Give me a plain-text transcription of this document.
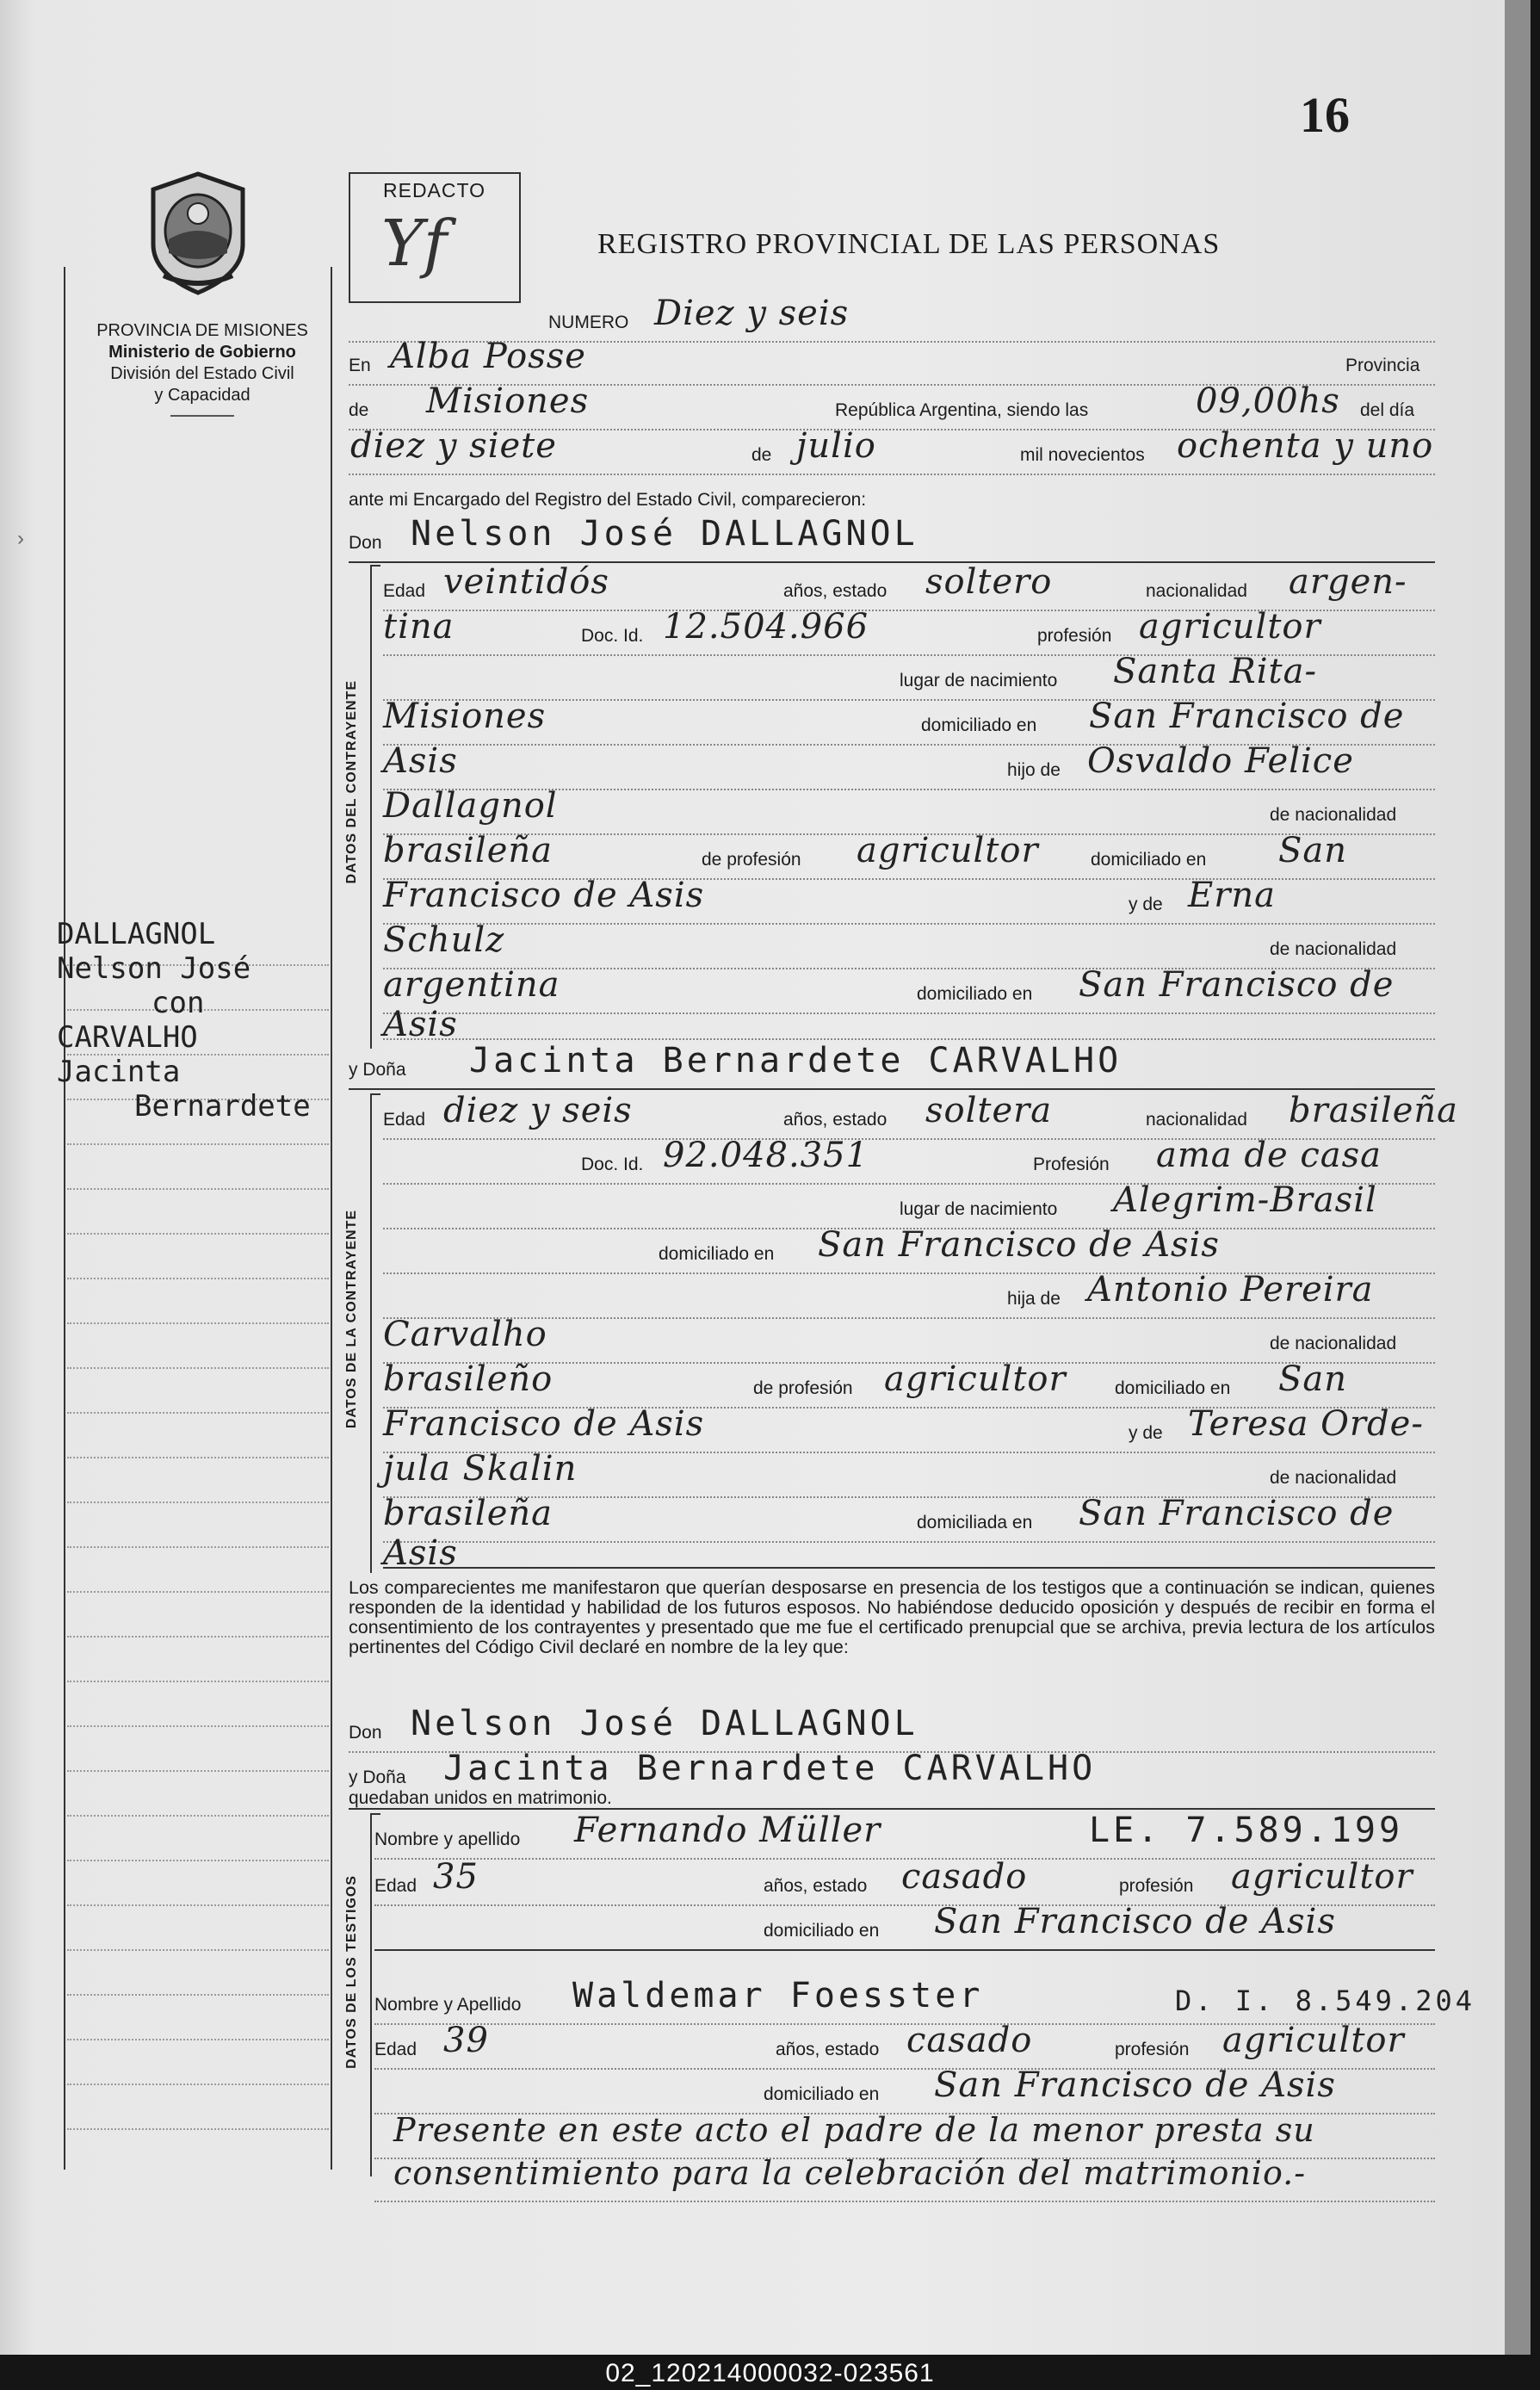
16
REDACTO
Yf	REGISTRO PROVINCIAL DE LAS PERSONAS
PROVINCIA DE MISIONES
Ministerio de Gobierno
División del Estado Civil
y Capacidad
›
DALLAGNOL
Nelson José
con
CARVALHO
Jacinta
Bernardete
NUMERO Diez y seis
En Alba Posse	Provincia
de Misiones	República Argentina, siendo las	09,00hs del día
diez y siete	de julio	mil novecientos ochenta y uno
ante mi Encargado del Registro del Estado Civil, comparecieron:
Don Nelson José DALLAGNOL
DATOS DEL CONTRAYENTE
Edad veintidós	años, estado soltero	nacionalidad argen-
tina	Doc. Id. 12.504.966	profesión agricultor
lugar de nacimiento Santa Rita-
Misiones	domiciliado en San Francisco de
Asis	hijo de Osvaldo Felice
Dallagnol	de nacionalidad
brasileña	de profesión agricultor	domiciliado en San
Francisco de Asis	y de Erna
Schulz	de nacionalidad
argentina	domiciliado en San Francisco de
Asis
y Doña Jacinta Bernardete CARVALHO
DATOS DE LA CONTRAYENTE
Edad diez y seis	años, estado soltera	nacionalidad brasileña
Doc. Id. 92.048.351	Profesión ama de casa
lugar de nacimiento Alegrim-Brasil
domiciliado en San Francisco de Asis
hija de Antonio Pereira
Carvalho	de nacionalidad
brasileño	de profesión agricultor	domiciliado en San
Francisco de Asis	y de Teresa Orde-
jula Skalin	de nacionalidad
brasileña	domiciliada en San Francisco de
Asis
Los comparecientes me manifestaron que querían desposarse en presencia de los testigos que a continuación se indican, quienes responden de la identidad y habilidad de los futuros esposos. No habiéndose deducido oposición y después de recibir en forma el consentimiento de los contrayentes y presentado que me fue el certificado prenupcial que se archiva, previa lectura de los artículos pertinentes del Código Civil declaré en nombre de la ley que:
Don Nelson José DALLAGNOL
y Doña Jacinta Bernardete CARVALHO
quedaban unidos en matrimonio.
DATOS DE LOS TESTIGOS
Nombre y apellido Fernando Müller	LE. 7.589.199
Edad 35	años, estado casado	profesión agricultor
domiciliado en San Francisco de Asis
Nombre y Apellido Waldemar Foesster	D. I. 8.549.204
Edad 39	años, estado casado	profesión agricultor
domiciliado en San Francisco de Asis
Presente en este acto el padre de la menor presta su
consentimiento para la celebración del matrimonio.-
02_120214000032-023561
